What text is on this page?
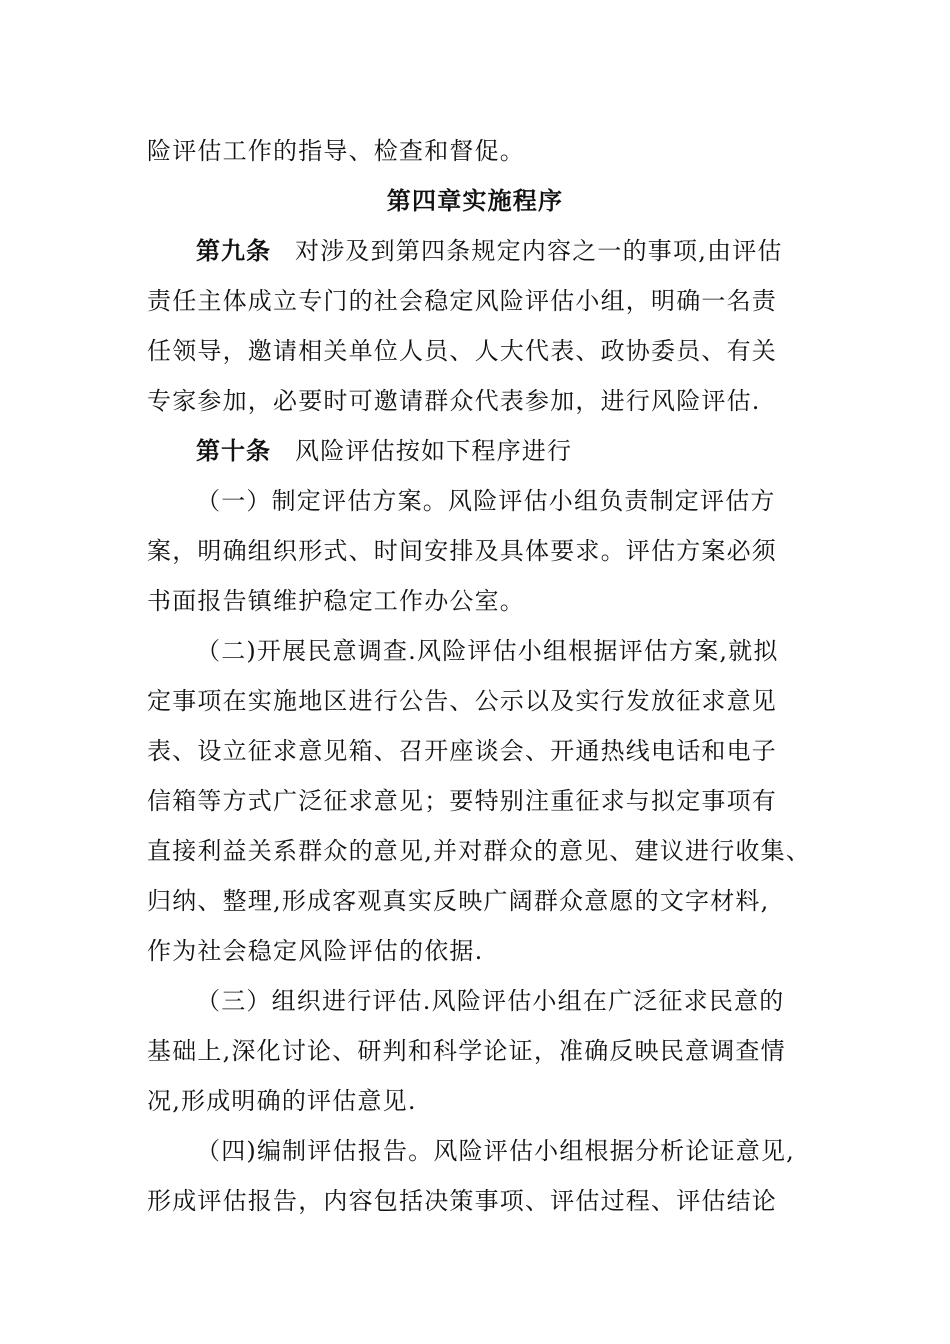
险评估工作的指导、检查和督促。
第四章实施程序
第九条 对涉及到第四条规定内容之一的事项,由评估
责任主体成立专门的社会稳定风险评估小组，明确一名责
任领导，邀请相关单位人员、人大代表、政协委员、有关
专家参加，必要时可邀请群众代表参加，进行风险评估.
第十条 风险评估按如下程序进行
（一）制定评估方案。风险评估小组负责制定评估方
案，明确组织形式、时间安排及具体要求。评估方案必须
书面报告镇维护稳定工作办公室。
（二)开展民意调查.风险评估小组根据评估方案,就拟
定事项在实施地区进行公告、公示以及实行发放征求意见
表、设立征求意见箱、召开座谈会、开通热线电话和电子
信箱等方式广泛征求意见；要特别注重征求与拟定事项有
直接利益关系群众的意见,并对群众的意见、建议进行收集、
归纳、整理,形成客观真实反映广阔群众意愿的文字材料,
作为社会稳定风险评估的依据.
（三）组织进行评估.风险评估小组在广泛征求民意的
基础上,深化讨论、研判和科学论证，准确反映民意调查情
况,形成明确的评估意见.
（四)编制评估报告。风险评估小组根据分析论证意见,
形成评估报告，内容包括决策事项、评估过程、评估结论
